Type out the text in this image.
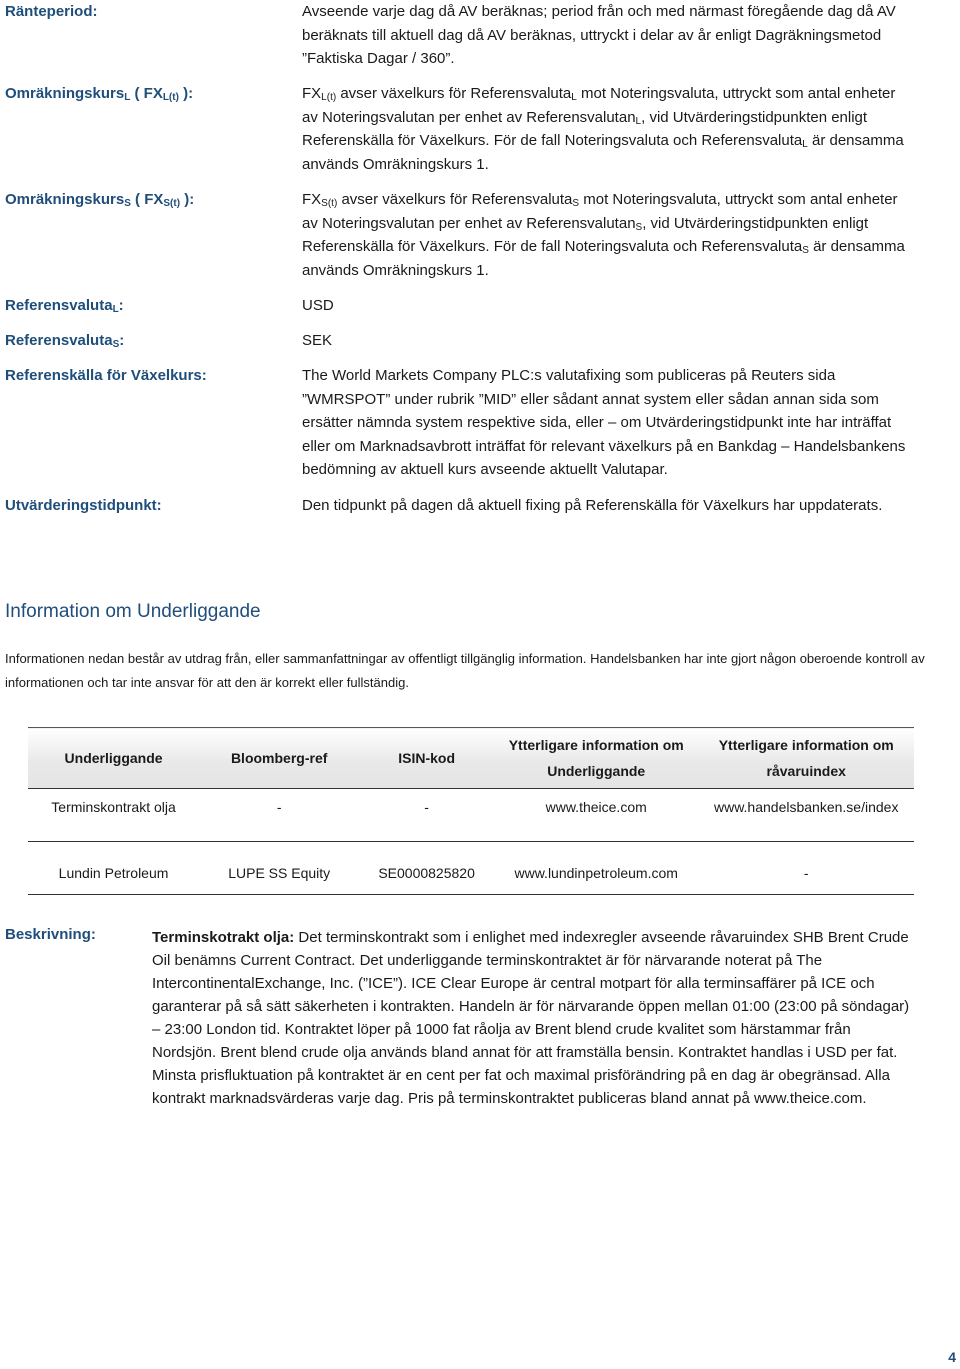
Ränteperiod:	Avseende varje dag då AV beräknas; period från och med närmast föregående dag då AV beräknats till aktuell dag då AV beräknas, uttryckt i delar av år enligt Dagräkningsmetod ”Faktiska Dagar / 360”.
Omräkningskurs$_L$ ( $FX_{L(t)}$ ):	$FX_{L(t)}$ avser växelkurs för Referensvaluta$_L$ mot Noteringsvaluta, uttryckt som antal enheter av Noteringsvalutan per enhet av Referensvalutan$_L$, vid Utvärderingstidpunkten enligt Referenskälla för Växelkurs. För de fall Noteringsvaluta och Referensvaluta$_L$ är densamma används Omräkningskurs 1.
Omräkningskurs$_S$ ( $FX_{S(t)}$ ):	$FX_{S(t)}$ avser växelkurs för Referensvaluta$_S$ mot Noteringsvaluta, uttryckt som antal enheter av Noteringsvalutan per enhet av Referensvalutan$_S$, vid Utvärderingstidpunkten enligt Referenskälla för Växelkurs. För de fall Noteringsvaluta och Referensvaluta$_S$ är densamma används Omräkningskurs 1.
Referensvaluta$_L$:	USD
Referensvaluta$_S$:	SEK
Referenskälla för Växelkurs:	The World Markets Company PLC:s valutafixing som publiceras på Reuters sida ”WMRSPOT” under rubrik ”MID” eller sådant annat system eller sådan annan sida som ersätter nämnda system respektive sida, eller – om Utvärderingstidpunkt inte har inträffat eller om Marknadsavbrott inträffat för relevant växelkurs på en Bankdag – Handelsbankens bedömning av aktuell kurs avseende aktuellt Valutapar.
Utvärderingstidpunkt:	Den tidpunkt på dagen då aktuell fixing på Referenskälla för Växelkurs har uppdaterats.
Information om Underliggande
Informationen nedan består av utdrag från, eller sammanfattningar av offentligt tillgänglig information. Handelsbanken har inte gjort någon oberoende kontroll av informationen och tar inte ansvar för att den är korrekt eller fullständig.
Underliggande	Bloomberg-ref	ISIN-kod	Ytterligare information om Underliggande	Ytterligare information om råvaruindex
Terminskontrakt olja	-	-	www.theice.com	www.handelsbanken.se/index
Lundin Petroleum	LUPE SS Equity	SE0000825820	www.lundinpetroleum.com	-
Beskrivning:	Terminskotrakt olja: Det terminskontrakt som i enlighet med indexregler avseende råvaruindex SHB Brent Crude Oil benämns Current Contract. Det underliggande terminskontraktet är för närvarande noterat på The IntercontinentalExchange, Inc. (”ICE”). ICE Clear Europe är central motpart för alla terminsaffärer på ICE och garanterar på så sätt säkerheten i kontrakten. Handeln är för närvarande öppen mellan 01:00 (23:00 på söndagar) – 23:00 London tid. Kontraktet löper på 1000 fat råolja av Brent blend crude kvalitet som härstammar från Nordsjön. Brent blend crude olja används bland annat för att framställa bensin. Kontraktet handlas i USD per fat. Minsta prisfluktuation på kontraktet är en cent per fat och maximal prisförändring på en dag är obegränsad. Alla kontrakt marknadsvärderas varje dag. Pris på terminskontraktet publiceras bland annat på www.theice.com.
4
